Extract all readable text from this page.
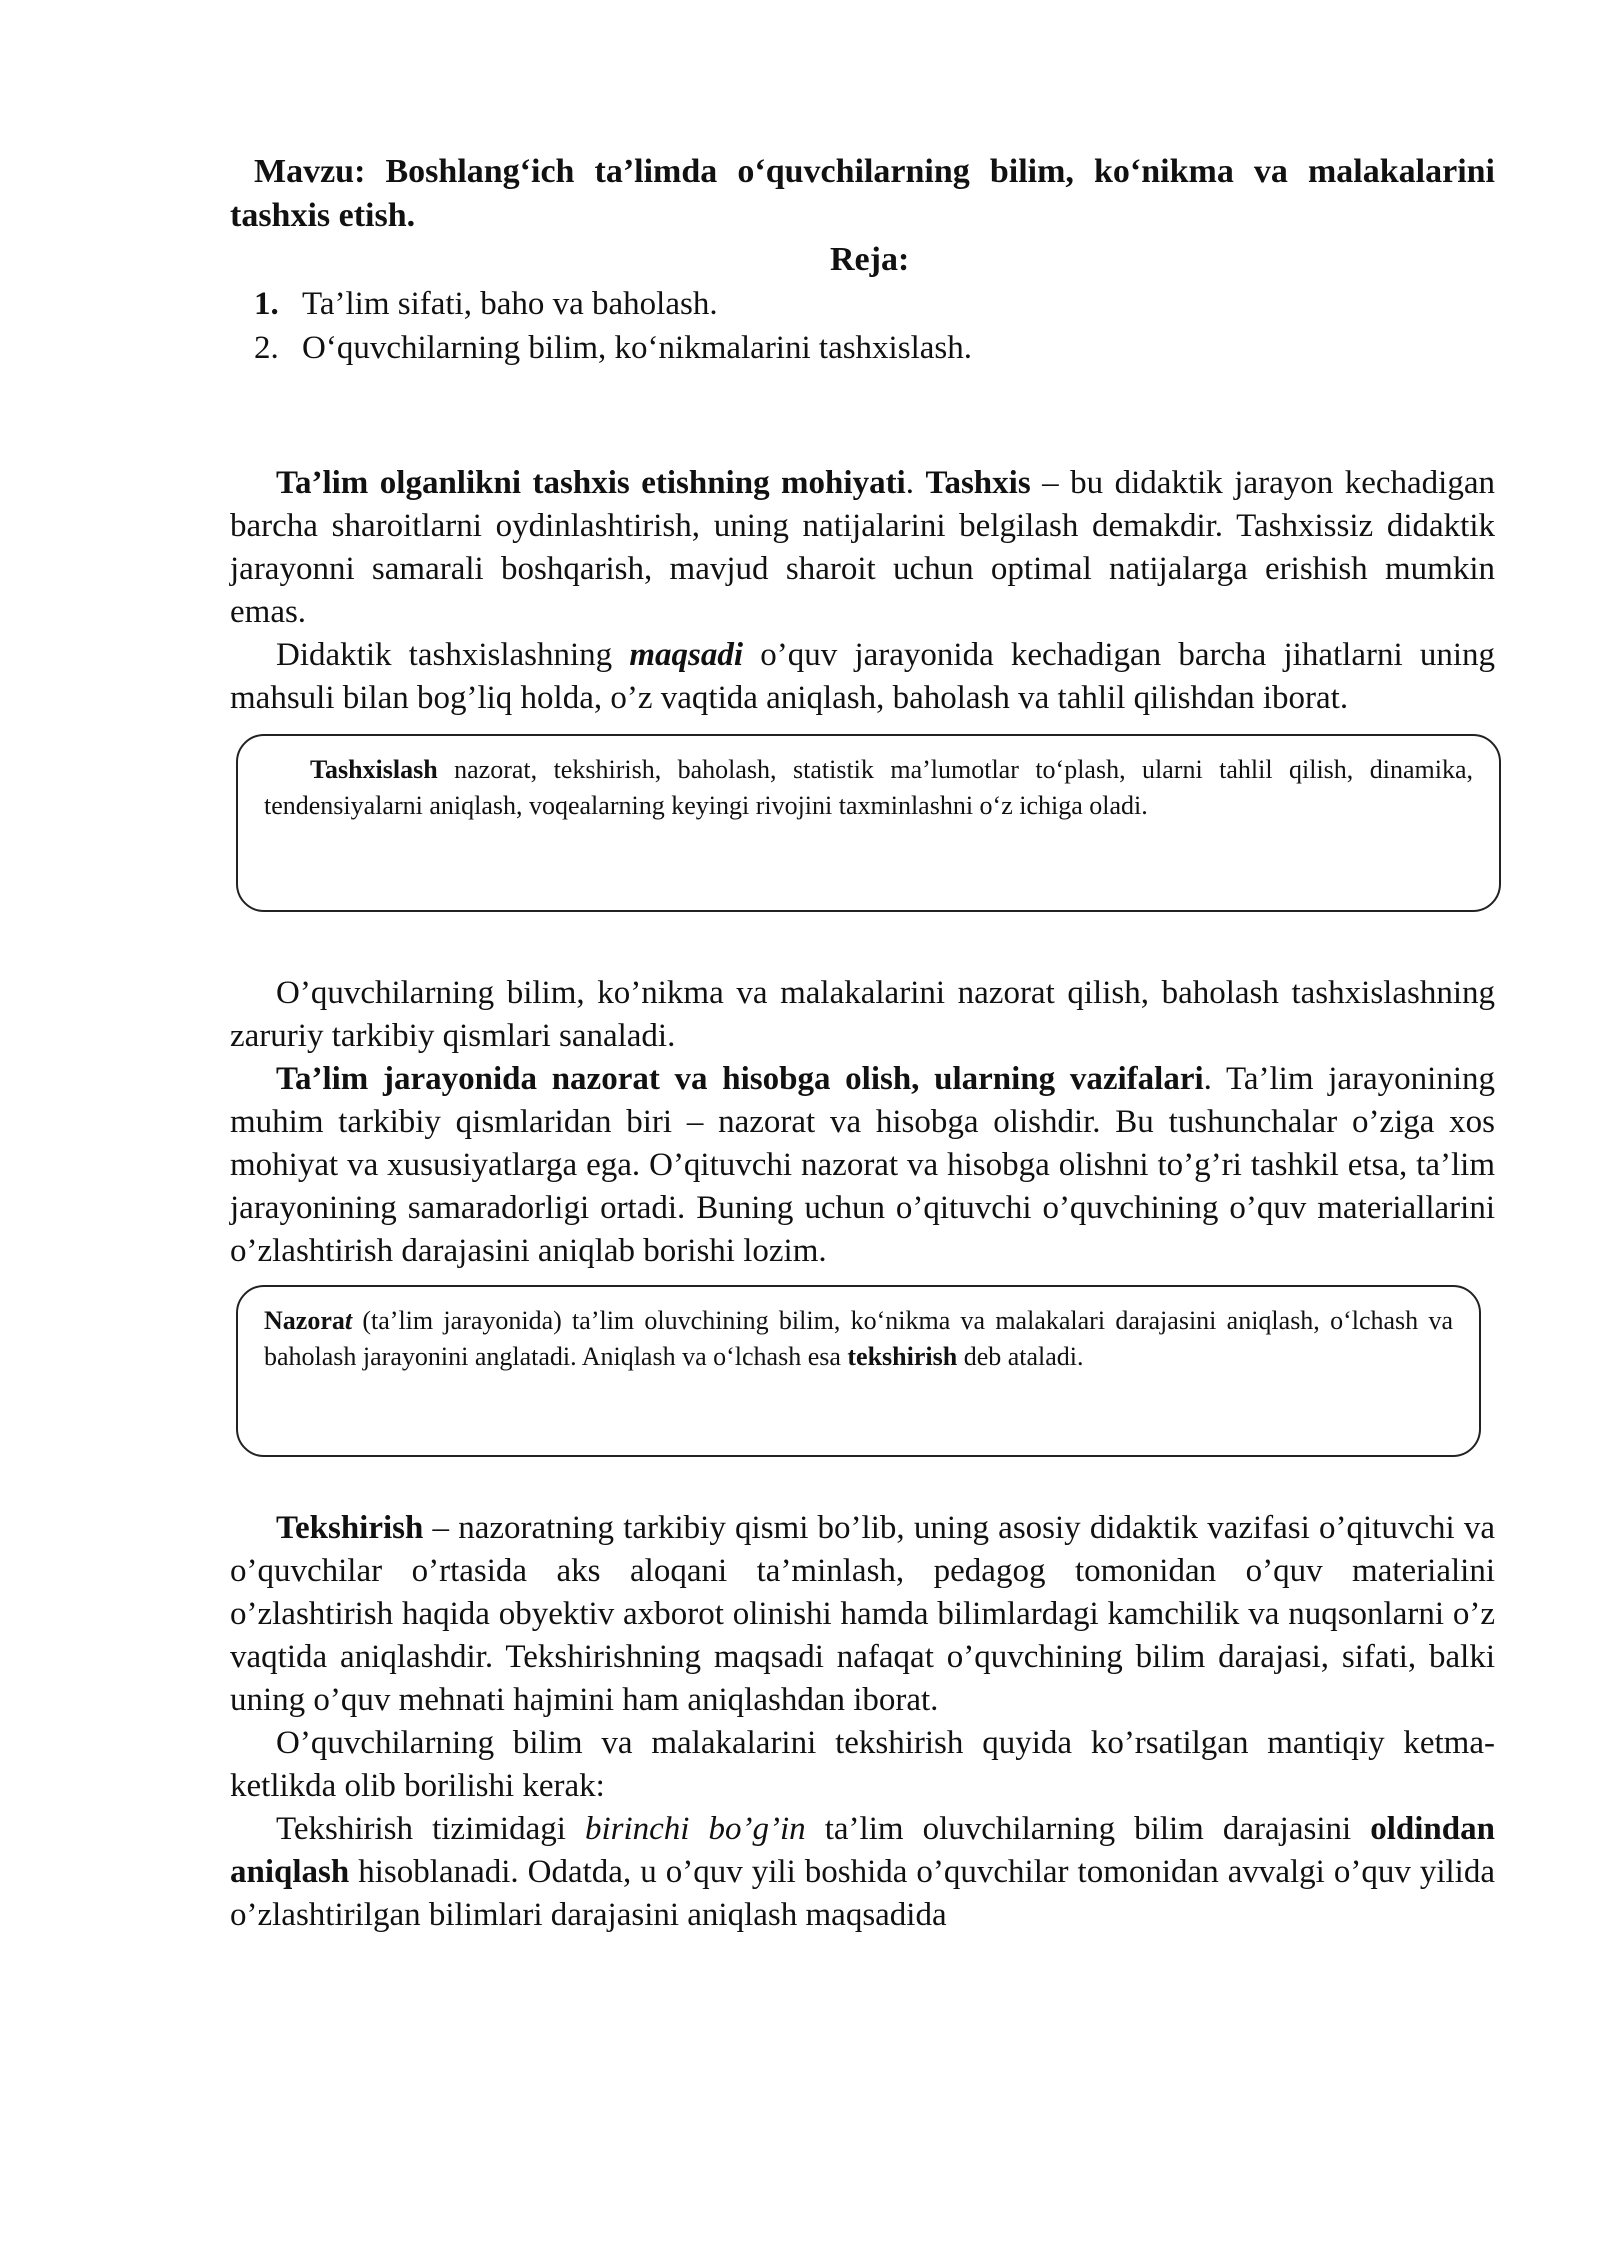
Mavzu: Boshlang‘ich ta’limda o‘quvchilarning bilim, ko‘nikma va malakalarini tashxis etish.

Reja:

1. Ta’lim sifati, baho va baholash.
2. O‘quvchilarning bilim, ko‘nikmalarini tashxislash.

Ta’lim olganlikni tashxis etishning mohiyati. Tashxis – bu didaktik jarayon kechadigan barcha sharoitlarni oydinlashtirish, uning natijalarini belgilash demakdir. Tashxissiz didaktik jarayonni samarali boshqarish, mavjud sharoit uchun optimal natijalarga erishish mumkin emas.

Didaktik tashxislashning maqsadi o’quv jarayonida kechadigan barcha jihatlarni uning mahsuli bilan bog’liq holda, o’z vaqtida aniqlash, baholash va tahlil qilishdan iborat.

Tashxislash nazorat, tekshirish, baholash, statistik ma’lumotlar to‘plash, ularni tahlil qilish, dinamika, tendensiyalarni aniqlash, voqealarning keyingi rivojini taxminlashni o‘z ichiga oladi.

O’quvchilarning bilim, ko’nikma va malakalarini nazorat qilish, baholash tashxislashning zaruriy tarkibiy qismlari sanaladi.

Ta’lim jarayonida nazorat va hisobga olish, ularning vazifalari. Ta’lim jarayonining muhim tarkibiy qismlaridan biri – nazorat va hisobga olishdir. Bu tushunchalar o’ziga xos mohiyat va xususiyatlarga ega. O’qituvchi nazorat va hisobga olishni to’g’ri tashkil etsa, ta’lim jarayonining samaradorligi ortadi. Buning uchun o’qituvchi o’quvchining o’quv materiallarini o’zlashtirish darajasini aniqlab borishi lozim.

Nazorat (ta’lim jarayonida) ta’lim oluvchining bilim, ko‘nikma va malakalari darajasini aniqlash, o‘lchash va baholash jarayonini anglatadi. Aniqlash va o‘lchash esa tekshirish deb ataladi.

Tekshirish – nazoratning tarkibiy qismi bo’lib, uning asosiy didaktik vazifasi o’qituvchi va o’quvchilar o’rtasida aks aloqani ta’minlash, pedagog tomonidan o’quv materialini o’zlashtirish haqida obyektiv axborot olinishi hamda bilimlardagi kamchilik va nuqsonlarni o’z vaqtida aniqlashdir. Tekshirishning maqsadi nafaqat o’quvchining bilim darajasi, sifati, balki uning o’quv mehnati hajmini ham aniqlashdan iborat.

O’quvchilarning bilim va malakalarini tekshirish quyida ko’rsatilgan mantiqiy ketma-ketlikda olib borilishi kerak:

Tekshirish tizimidagi birinchi bo’g’in ta’lim oluvchilarning bilim darajasini oldindan aniqlash hisoblanadi. Odatda, u o’quv yili boshida o’quvchilar tomonidan avvalgi o’quv yilida o’zlashtirilgan bilimlari darajasini aniqlash maqsadida
